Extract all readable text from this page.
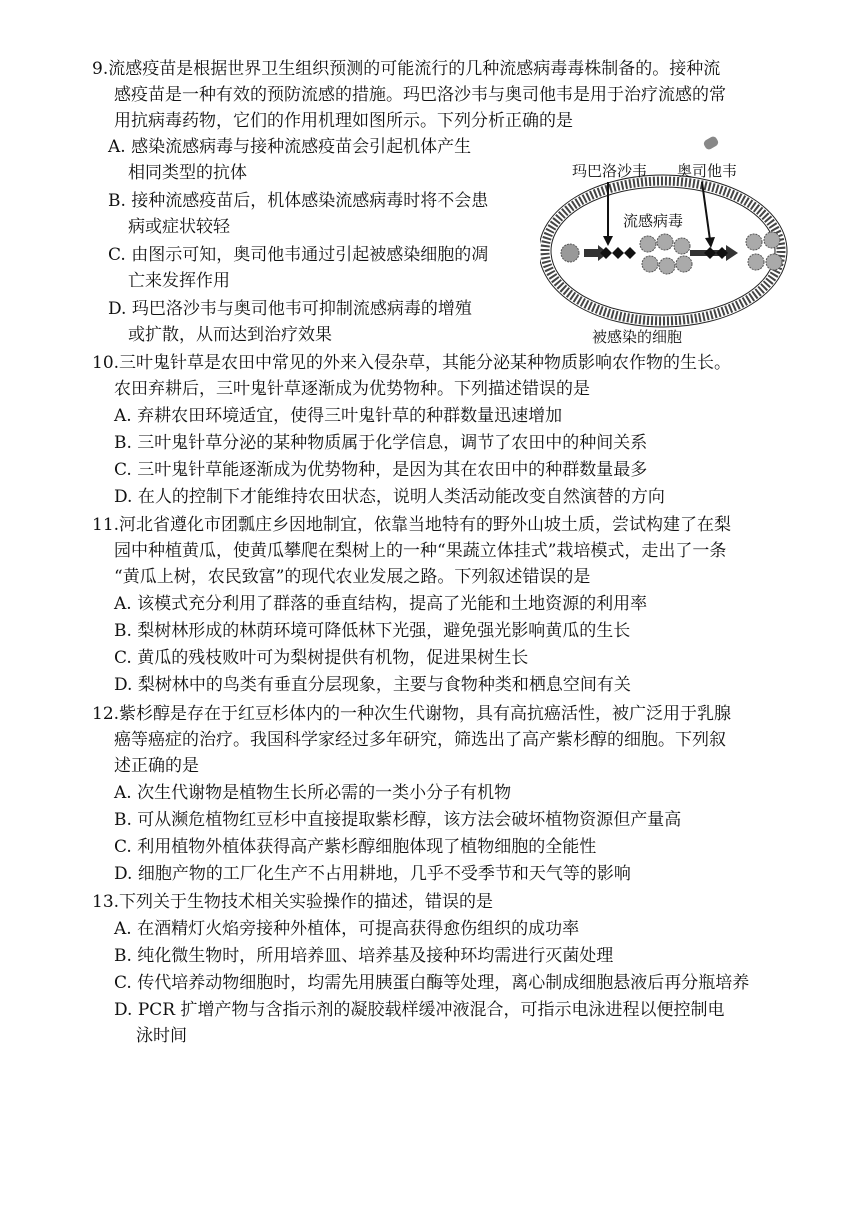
9.流感疫苗是根据世界卫生组织预测的可能流行的几种流感病毒毒株制备的。接种流
感疫苗是一种有效的预防流感的措施。玛巴洛沙韦与奥司他韦是用于治疗流感的常
用抗病毒药物，它们的作用机理如图所示。下列分析正确的是
A. 感染流感病毒与接种流感疫苗会引起机体产生
相同类型的抗体
B. 接种流感疫苗后，机体感染流感病毒时将不会患
病或症状较轻
C. 由图示可知，奥司他韦通过引起被感染细胞的凋
亡来发挥作用
D. 玛巴洛沙韦与奥司他韦可抑制流感病毒的增殖
或扩散，从而达到治疗效果
玛巴洛沙韦 奥司他韦
流感病毒
被感染的细胞
10.三叶鬼针草是农田中常见的外来入侵杂草，其能分泌某种物质影响农作物的生长。
农田弃耕后，三叶鬼针草逐渐成为优势物种。下列描述错误的是
A. 弃耕农田环境适宜，使得三叶鬼针草的种群数量迅速增加
B. 三叶鬼针草分泌的某种物质属于化学信息，调节了农田中的种间关系
C. 三叶鬼针草能逐渐成为优势物种，是因为其在农田中的种群数量最多
D. 在人的控制下才能维持农田状态，说明人类活动能改变自然演替的方向
11.河北省遵化市团瓢庄乡因地制宜，依靠当地特有的野外山坡土质，尝试构建了在梨
园中种植黄瓜，使黄瓜攀爬在梨树上的一种“果蔬立体挂式”栽培模式，走出了一条
“黄瓜上树，农民致富”的现代农业发展之路。下列叙述错误的是
A. 该模式充分利用了群落的垂直结构，提高了光能和土地资源的利用率
B. 梨树林形成的林荫环境可降低林下光强，避免强光影响黄瓜的生长
C. 黄瓜的残枝败叶可为梨树提供有机物，促进果树生长
D. 梨树林中的鸟类有垂直分层现象，主要与食物种类和栖息空间有关
12.紫杉醇是存在于红豆杉体内的一种次生代谢物，具有高抗癌活性，被广泛用于乳腺
癌等癌症的治疗。我国科学家经过多年研究，筛选出了高产紫杉醇的细胞。下列叙
述正确的是
A. 次生代谢物是植物生长所必需的一类小分子有机物
B. 可从濒危植物红豆杉中直接提取紫杉醇，该方法会破坏植物资源但产量高
C. 利用植物外植体获得高产紫杉醇细胞体现了植物细胞的全能性
D. 细胞产物的工厂化生产不占用耕地，几乎不受季节和天气等的影响
13.下列关于生物技术相关实验操作的描述，错误的是
A. 在酒精灯火焰旁接种外植体，可提高获得愈伤组织的成功率
B. 纯化微生物时，所用培养皿、培养基及接种环均需进行灭菌处理
C. 传代培养动物细胞时，均需先用胰蛋白酶等处理，离心制成细胞悬液后再分瓶培养
D. PCR 扩增产物与含指示剂的凝胶载样缓冲液混合，可指示电泳进程以便控制电
泳时间
